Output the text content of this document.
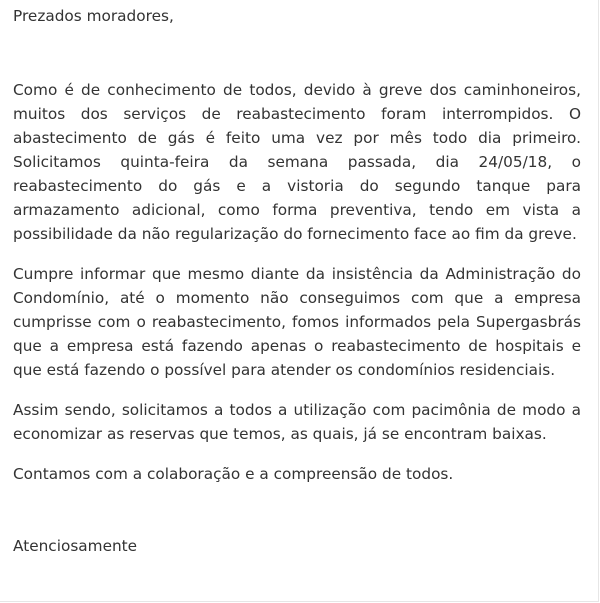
Prezados moradores,

Como é de conhecimento de todos, devido à greve dos caminhoneiros, muitos dos serviços de reabastecimento foram interrompidos. O abastecimento de gás é feito uma vez por mês todo dia primeiro. Solicitamos quinta-feira da semana passada, dia 24/05/18, o reabastecimento do gás e a vistoria do segundo tanque para armazamento adicional, como forma preventiva, tendo em vista a possibilidade da não regularização do fornecimento face ao fim da greve.

Cumpre informar que mesmo diante da insistência da Administração do Condomínio, até o momento não conseguimos com que a empresa cumprisse com o reabastecimento, fomos informados pela Supergasbrás que a empresa está fazendo apenas o reabastecimento de hospitais e que está fazendo o possível para atender os condomínios residenciais.

Assim sendo, solicitamos a todos a utilização com pacimônia de modo a economizar as reservas que temos, as quais, já se encontram baixas.

Contamos com a colaboração e a compreensão de todos.

Atenciosamente
